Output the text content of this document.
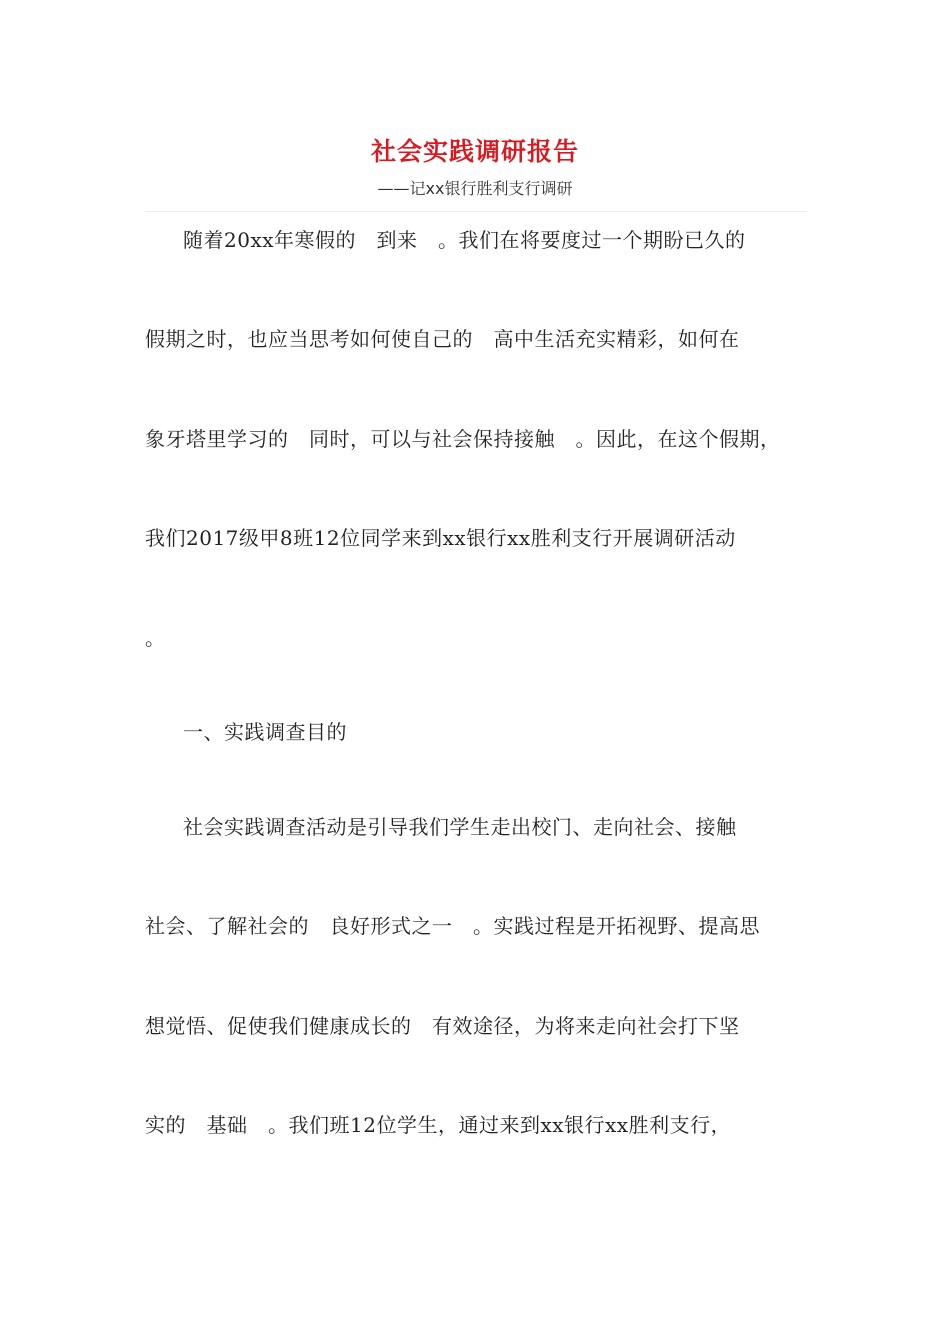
社会实践调研报告
——记xx银行胜利支行调研
随着20xx年寒假的　到来　。我们在将要度过一个期盼已久的
假期之时，也应当思考如何使自己的　高中生活充实精彩，如何在
象牙塔里学习的　同时，可以与社会保持接触　。因此，在这个假期，
我们2017级甲8班12位同学来到xx银行xx胜利支行开展调研活动
。
一、实践调查目的
社会实践调查活动是引导我们学生走出校门、走向社会、接触
社会、了解社会的　良好形式之一　。实践过程是开拓视野、提高思
想觉悟、促使我们健康成长的　有效途径，为将来走向社会打下坚
实的　基础　。我们班12位学生，通过来到xx银行xx胜利支行，
